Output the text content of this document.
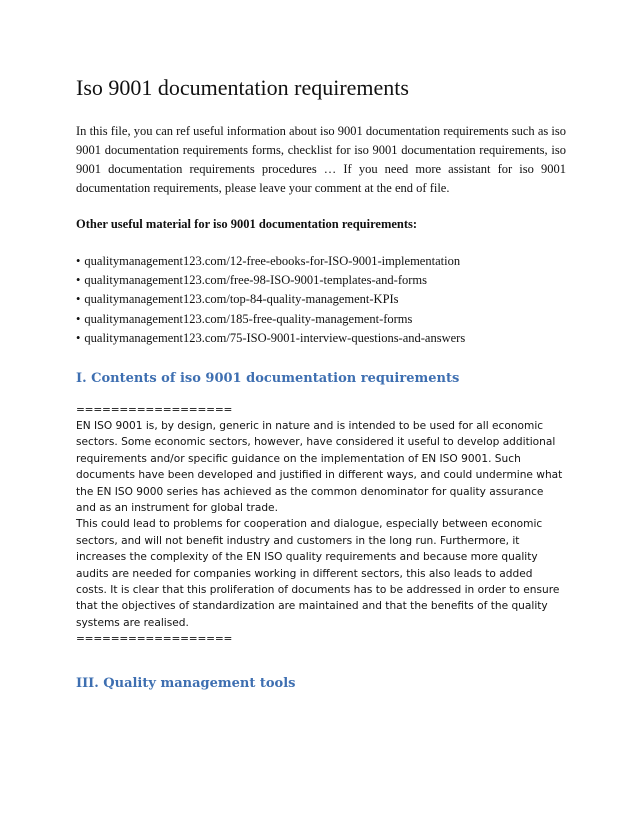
Iso 9001 documentation requirements

In this file, you can ref useful information about iso 9001 documentation requirements such as iso 9001 documentation requirements forms, checklist for iso 9001 documentation requirements, iso 9001 documentation requirements procedures … If you need more assistant for iso 9001 documentation requirements, please leave your comment at the end of file.

Other useful material for iso 9001 documentation requirements:

• qualitymanagement123.com/12-free-ebooks-for-ISO-9001-implementation
• qualitymanagement123.com/free-98-ISO-9001-templates-and-forms
• qualitymanagement123.com/top-84-quality-management-KPIs
• qualitymanagement123.com/185-free-quality-management-forms
• qualitymanagement123.com/75-ISO-9001-interview-questions-and-answers
I. Contents of iso 9001 documentation requirements
==================

EN ISO 9001 is, by design, generic in nature and is intended to be used for all economic sectors. Some economic sectors, however, have considered it useful to develop additional requirements and/or specific guidance on the implementation of EN ISO 9001. Such documents have been developed and justified in different ways, and could undermine what the EN ISO 9000 series has achieved as the common denominator for quality assurance and as an instrument for global trade.

This could lead to problems for cooperation and dialogue, especially between economic sectors, and will not benefit industry and customers in the long run. Furthermore, it increases the complexity of the EN ISO quality requirements and because more quality audits are needed for companies working in different sectors, this also leads to added costs. It is clear that this proliferation of documents has to be addressed in order to ensure that the objectives of standardization are maintained and that the benefits of the quality systems are realised.

==================
III. Quality management tools
